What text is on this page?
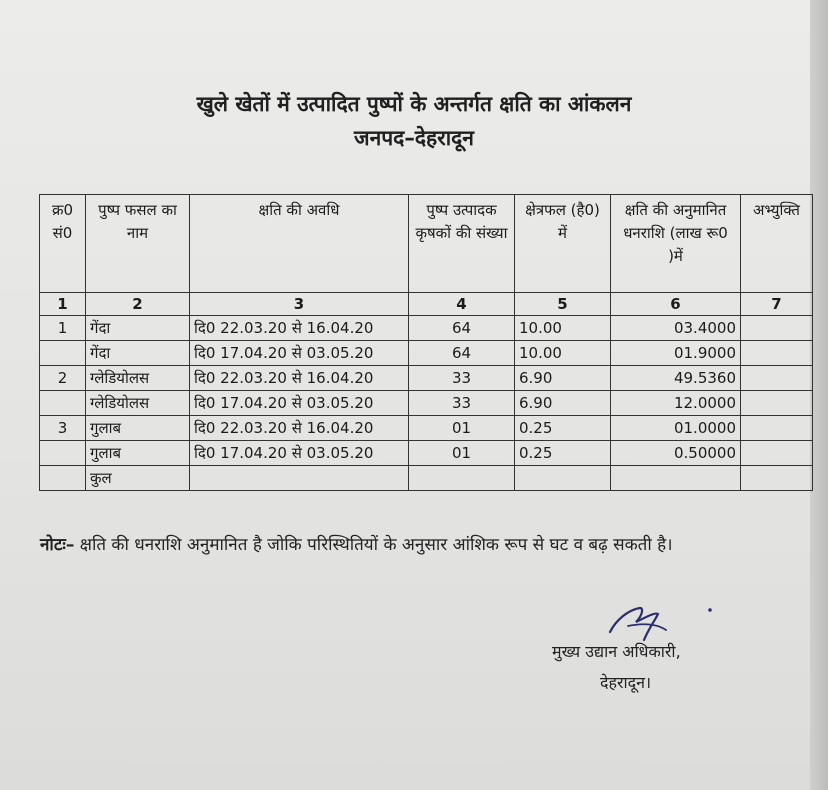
खुले खेतों में उत्पादित पुष्पों के अन्तर्गत क्षति का आंकलन
जनपद–देहरादून
क्र0 सं0	पुष्प फसल का नाम	क्षति की अवधि	पुष्प उत्पादक कृषकों की संख्या	क्षेत्रफल (है0) में	क्षति की अनुमानित धनराशि (लाख रू0 )में	अभ्युक्ति
1	2	3	4	5	6	7
1	गेंदा	दि0 22.03.20 से 16.04.20	64	10.00	03.4000	
	गेंदा	दि0 17.04.20 से 03.05.20	64	10.00	01.9000	
2	ग्लेडियोलस	दि0 22.03.20 से 16.04.20	33	6.90	49.5360	
	ग्लेडियोलस	दि0 17.04.20 से 03.05.20	33	6.90	12.0000	
3	गुलाब	दि0 22.03.20 से 16.04.20	01	0.25	01.0000	
	गुलाब	दि0 17.04.20 से 03.05.20	01	0.25	0.50000	
	कुल					
नोटः– क्षति की धनराशि अनुमानित है जोकि परिस्थितियों के अनुसार आंशिक रूप से घट व बढ़ सकती है।
मुख्य उद्यान अधिकारी,
देहरादून।
